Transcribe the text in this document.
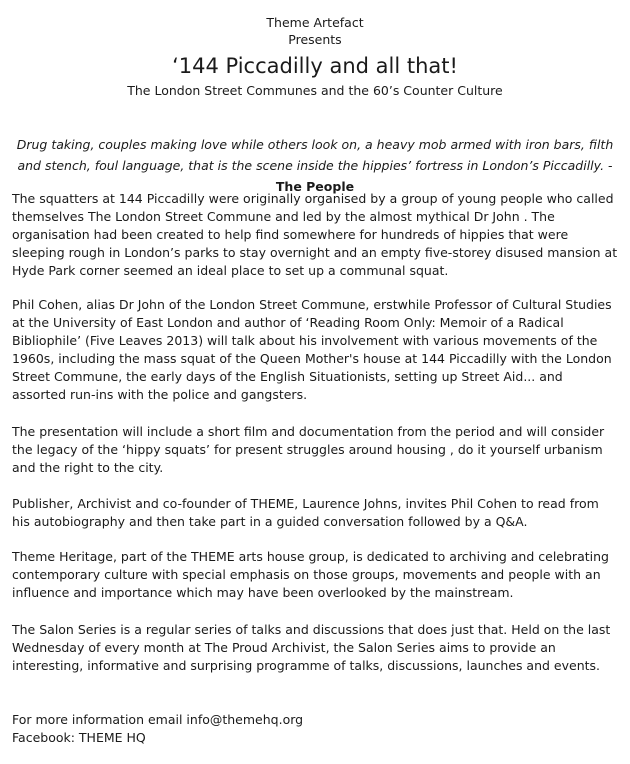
Theme Artefact
Presents
‘144 Piccadilly and all that!
The London Street Communes and the 60’s Counter Culture
Drug taking, couples making love while others look on, a heavy mob armed with iron bars, filth and stench, foul language, that is the scene inside the hippies’ fortress in London’s Piccadilly. - The People

The squatters at 144 Piccadilly were originally organised by a group of young people who called themselves The London Street Commune and led by the almost mythical Dr John . The organisation had been created to help find somewhere for hundreds of hippies that were sleeping rough in London’s parks to stay overnight and an empty five-storey disused mansion at Hyde Park corner seemed an ideal place to set up a communal squat.

Phil Cohen, alias Dr John of the London Street Commune, erstwhile Professor of Cultural Studies at the University of East London and author of ‘Reading Room Only: Memoir of a Radical Bibliophile’ (Five Leaves 2013) will talk about his involvement with various movements of the 1960s, including the mass squat of the Queen Mother's house at 144 Piccadilly with the London Street Commune, the early days of the English Situationists, setting up Street Aid... and assorted run-ins with the police and gangsters.

The presentation will include a short film and documentation from the period and will consider the legacy of the ‘hippy squats’ for present struggles around housing , do it yourself urbanism and the right to the city.

Publisher, Archivist and co-founder of THEME, Laurence Johns, invites Phil Cohen to read from his autobiography and then take part in a guided conversation followed by a Q&A.

Theme Heritage, part of the THEME arts house group, is dedicated to archiving and celebrating contemporary culture with special emphasis on those groups, movements and people with an influence and importance which may have been overlooked by the mainstream.

The Salon Series is a regular series of talks and discussions that does just that. Held on the last Wednesday of every month at The Proud Archivist, the Salon Series aims to provide an interesting, informative and surprising programme of talks, discussions, launches and events.

For more information email info@themehq.org

Facebook: THEME HQ
